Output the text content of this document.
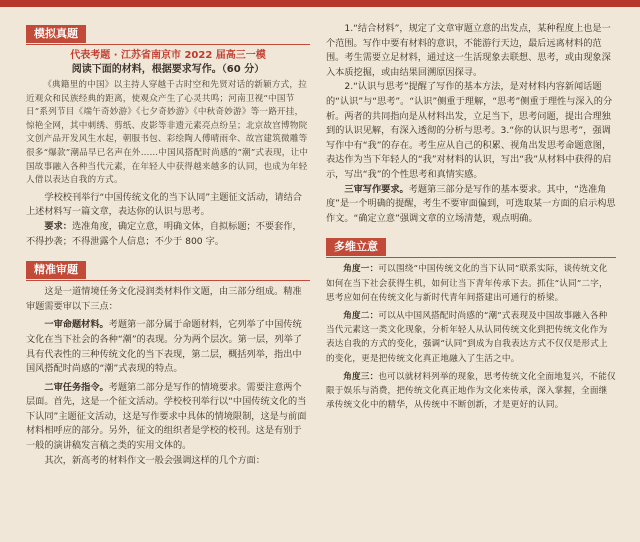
模拟真题
代表考题 · 江苏省南京市 2022 届高三一模
阅读下面的材料，根据要求写作。（60 分）
《典籍里的中国》以主持人穿越千古时空和先贤对话的新颖方式，拉近观众和民族经典的距离，使观众产生了心灵共鸣；河南卫视“中国节日”系列节目《端午奇妙游》《七夕奇妙游》《中秋奇妙游》等一路开挂，惊艳全网，其中刺绣、剪纸、皮影等非遗元素亮点纷呈；北京故宫博物院文创产品开发风生水起，朝服书包、彩绘陶人傅晴雨伞、故宫建筑微雕等很多“爆款”潮品早已名声在外……中国风搭配时尚感的“潮”式表现，让中国故事融入各种当代元素，在年轻人中获得越来越多的认同，也成为年轻人借以表达自我的方式。

学校校刊举行“中国传统文化的当下认同”主题征文活动，请结合上述材料写一篇文章，表达你的认识与思考。

要求：选准角度，确定立意，明确文体，自拟标题；不要套作，不得抄袭；不得泄露个人信息；不少于 800 字。

精准审题

这是一道情境任务文化浸润类材料作文题，由三部分组成。精准审题需要审以下三点：

一审命题材料。考题第一部分属于命题材料，它列举了中国传统文化在当下社会的各种“潮”的表现。分为两个层次。第一层，列举了具有代表性的三种传统文化的当下表现，第二层，概括列举，指出中国风搭配时尚感的“潮”式表现的特点。

二审任务指令。考题第二部分是写作的情境要求。需要注意两个层面。首先，这是一个征文活动。学校校刊举行以“中国传统文化的当下认同”主题征文活动，这是写作要求中具体的情境限制，这是与前面材料相呼应的部分。另外，征文的组织者是学校的校刊。这是有别于一般的演讲稿发言稿之类的实用文体的。

其次，新高考的材料作文一般会强调这样的几个方面：

1.“结合材料”，规定了文章审题立意的出发点，某种程度上也是一个范围。写作中要有材料的意识，不能游行天边，最后远离材料的范围。考生需要立足材料，通过这一生活现象去联想、思考，或由现象深入本质挖掘，或由结果回溯原因探寻。

2.“认识与思考”提醒了写作的基本方法，是对材料内容新闻话题的“认识”与“思考”。“认识”侧重于理解，“思考”侧重于理性与深入的分析。两者的共同指向是从材料出发，立足当下，思考问题，提出合理独到的认识见解，有深入透彻的分析与思考。3.“你的认识与思考”，强调写作中有“我”的存在。考生应从自己的积累、视角出发思考命题意图，表达作为当下年轻人的“我”对材料的认识，写出“我”从材料中获得的启示，写出“我”的个性思考和真情实感。

三审写作要求。考题第三部分是写作的基本要求。其中，“选准角度”是一个明确的提醒，考生不要审面偏到，可选取某一方面的启示构思作文。“确定立意”强调文章的立场清楚，观点明确。

多维立意

角度一：可以围绕“中国传统文化的当下认同”联系实际，谈传统文化如何在当下社会获得生机，如何让当下青年传承下去。抓住“认同”二字，思考应如何在传统文化与新时代青年间搭建出可通行的桥梁。

角度二：可以从中国风搭配时尚感的“潮”式表现及中国故事融入各种当代元素这一类文化现象，分析年轻人从认同传统文化到把传统文化作为表达自我的方式的变化，强调“认同”到成为自我表达方式不仅仅是形式上的变化，更是把传统文化真正地融入了生活之中。

角度三：也可以就材料列举的现象，思考传统文化全面地复兴，不能仅限于娱乐与消费，把传统文化真正地作为文化来传承，深入掌握，全面继承传统文化中的精华，从传统中不断创新，才是更好的认同。
